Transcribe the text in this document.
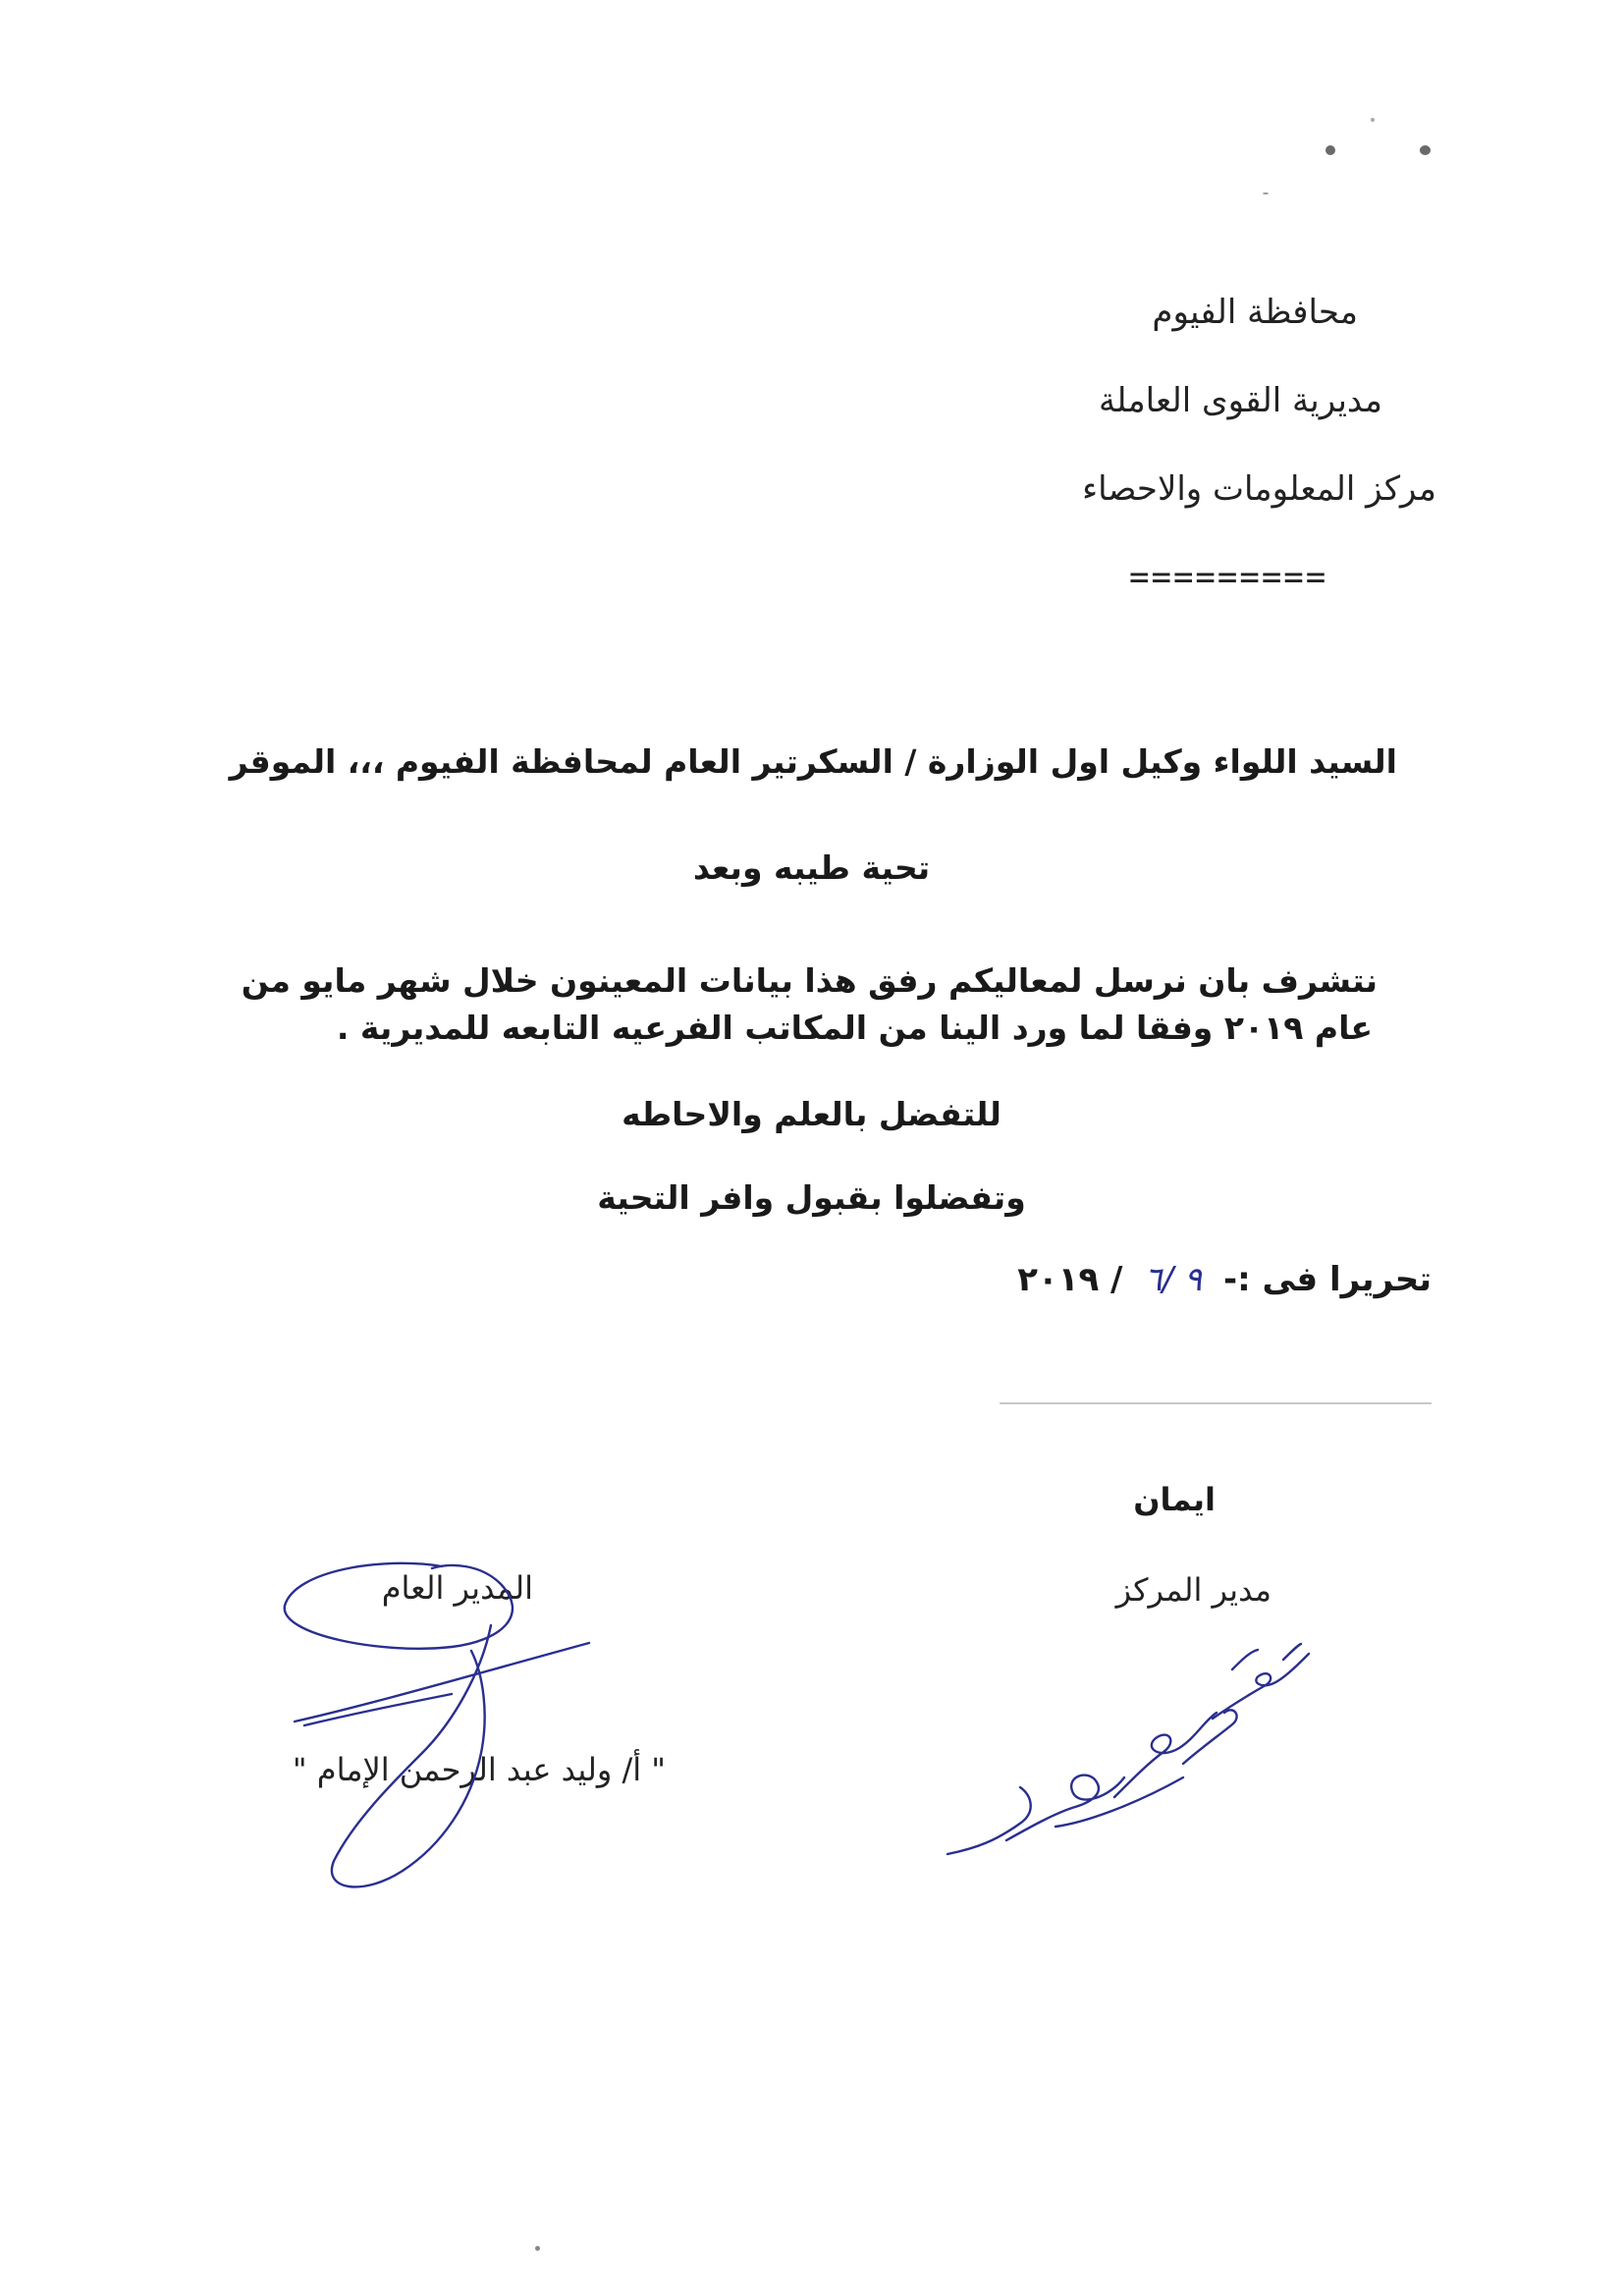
محافظة الفيوم
مديرية القوى العاملة
مركز المعلومات والاحصاء
=========
السيد اللواء وكيل اول الوزارة / السكرتير العام لمحافظة الفيوم ،،، الموقر
تحية طيبه وبعد
نتشرف بان نرسل لمعاليكم رفق هذا بيانات المعينون خلال شهر مايو من
عام ٢٠١٩ وفقا لما ورد الينا من المكاتب الفرعيه التابعه للمديرية .
للتفضل بالعلم والاحاطه
وتفضلوا بقبول وافر التحية
تحريرا فى :- ٩ /٦ / ٢٠١٩
ايمان
مدير المركز
المدير العام
" أ/ وليد عبد الرحمن الإمام "
